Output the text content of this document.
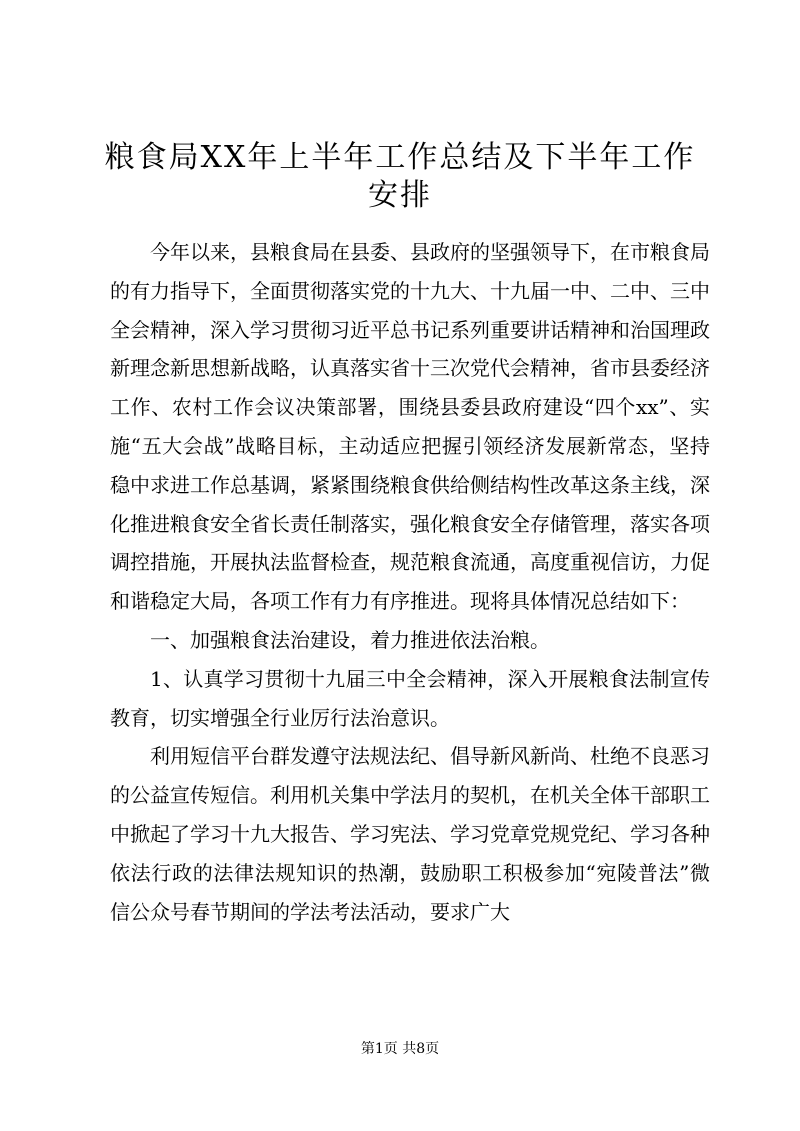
粮食局XX年上半年工作总结及下半年工作安排

今年以来，县粮食局在县委、县政府的坚强领导下，在市粮食局的有力指导下，全面贯彻落实党的十九大、十九届一中、二中、三中全会精神，深入学习贯彻习近平总书记系列重要讲话精神和治国理政新理念新思想新战略，认真落实省十三次党代会精神，省市县委经济工作、农村工作会议决策部署，围绕县委县政府建设“四个xx”、实施“五大会战”战略目标，主动适应把握引领经济发展新常态，坚持稳中求进工作总基调，紧紧围绕粮食供给侧结构性改革这条主线，深化推进粮食安全省长责任制落实，强化粮食安全存储管理，落实各项调控措施，开展执法监督检查，规范粮食流通，高度重视信访，力促和谐稳定大局，各项工作有力有序推进。现将具体情况总结如下：

一、加强粮食法治建设，着力推进依法治粮。

1、认真学习贯彻十九届三中全会精神，深入开展粮食法制宣传教育，切实增强全行业厉行法治意识。

利用短信平台群发遵守法规法纪、倡导新风新尚、杜绝不良恶习的公益宣传短信。利用机关集中学法月的契机，在机关全体干部职工中掀起了学习十九大报告、学习宪法、学习党章党规党纪、学习各种依法行政的法律法规知识的热潮，鼓励职工积极参加“宛陵普法”微信公众号春节期间的学法考法活动，要求广大

第1页 共8页
